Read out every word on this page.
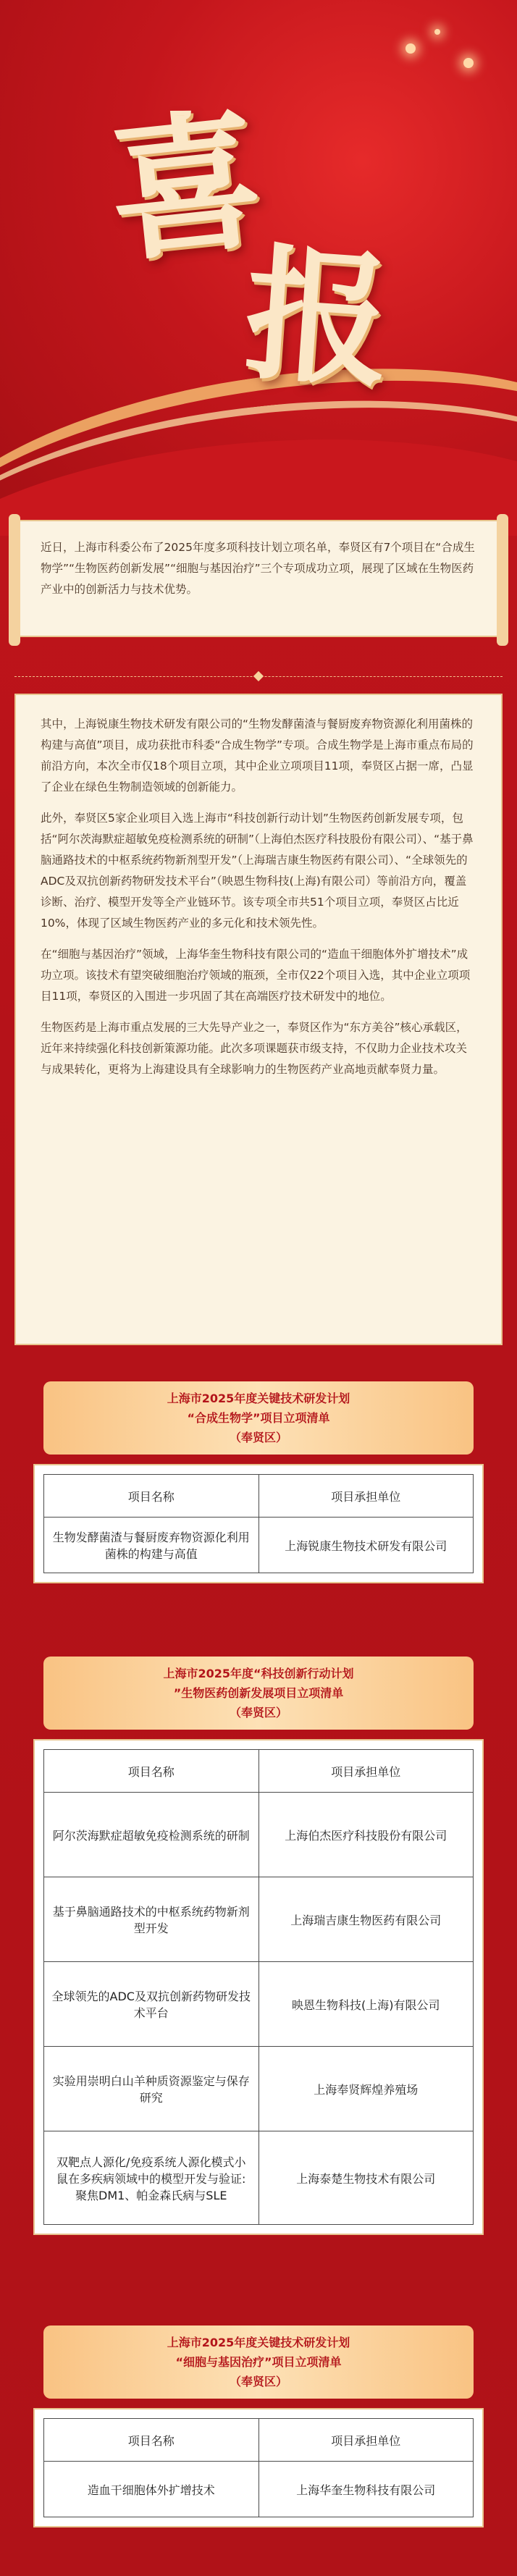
喜
报

近日，上海市科委公布了2025年度多项科技计划立项名单，奉贤区有7个项目在“合成生物学”“生物医药创新发展”“细胞与基因治疗”三个专项成功立项，展现了区域在生物医药产业中的创新活力与技术优势。

其中，上海锐康生物技术研发有限公司的“生物发酵菌渣与餐厨废弃物资源化利用菌株的构建与高值”项目，成功获批市科委“合成生物学”专项。合成生物学是上海市重点布局的前沿方向，本次全市仅18个项目立项，其中企业立项项目11项，奉贤区占据一席，凸显了企业在绿色生物制造领域的创新能力。

此外，奉贤区5家企业项目入选上海市“科技创新行动计划”生物医药创新发展专项，包括“阿尔茨海默症超敏免疫检测系统的研制”（上海伯杰医疗科技股份有限公司）、“基于鼻脑通路技术的中枢系统药物新剂型开发”（上海瑞吉康生物医药有限公司）、“全球领先的ADC及双抗创新药物研发技术平台”（映恩生物科技(上海)有限公司）等前沿方向，覆盖诊断、治疗、模型开发等全产业链环节。该专项全市共51个项目立项，奉贤区占比近10%，体现了区域生物医药产业的多元化和技术领先性。

在“细胞与基因治疗”领域，上海华奎生物科技有限公司的“造血干细胞体外扩增技术”成功立项。该技术有望突破细胞治疗领域的瓶颈，全市仅22个项目入选，其中企业立项项目11项，奉贤区的入围进一步巩固了其在高端医疗技术研发中的地位。

生物医药是上海市重点发展的三大先导产业之一，奉贤区作为“东方美谷”核心承载区，近年来持续强化科技创新策源功能。此次多项课题获市级支持，不仅助力企业技术攻关与成果转化，更将为上海建设具有全球影响力的生物医药产业高地贡献奉贤力量。

上海市2025年度关键技术研发计划
“合成生物学”项目立项清单
（奉贤区）
项目名称	项目承担单位
生物发酵菌渣与餐厨废弃物资源化利用菌株的构建与高值	上海锐康生物技术研发有限公司
上海市2025年度“科技创新行动计划
”生物医药创新发展项目立项清单
（奉贤区）
项目名称	项目承担单位
阿尔茨海默症超敏免疫检测系统的研制	上海伯杰医疗科技股份有限公司
基于鼻脑通路技术的中枢系统药物新剂型开发	上海瑞吉康生物医药有限公司
全球领先的ADC及双抗创新药物研发技术平台	映恩生物科技(上海)有限公司
实验用崇明白山羊种质资源鉴定与保存研究	上海奉贤辉煌养殖场
双靶点人源化/免疫系统人源化模式小鼠在多疾病领域中的模型开发与验证: 聚焦DM1、帕金森氏病与SLE	上海泰楚生物技术有限公司
上海市2025年度关键技术研发计划
“细胞与基因治疗”项目立项清单
（奉贤区）
项目名称	项目承担单位
造血干细胞体外扩增技术	上海华奎生物科技有限公司
